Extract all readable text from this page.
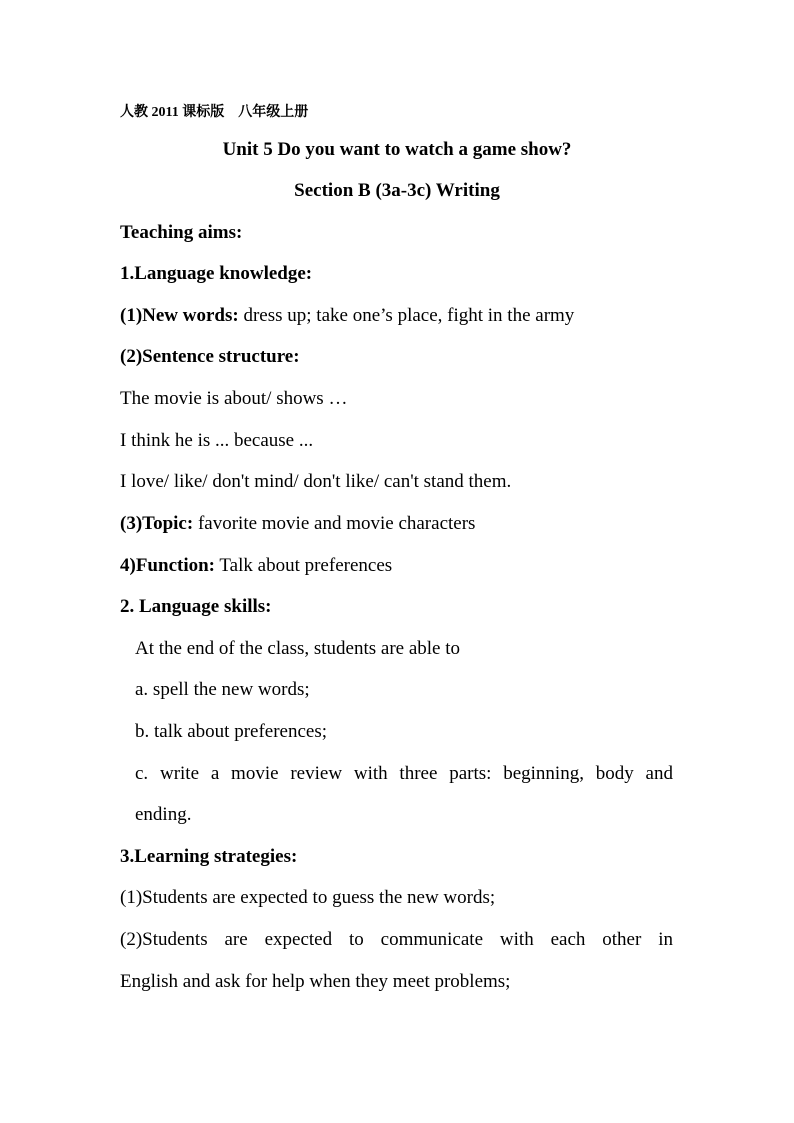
人教 2011 课标版    八年级上册
Unit 5 Do you want to watch a game show?
Section B (3a-3c) Writing
Teaching aims:
1.Language knowledge:
(1)New words: dress up; take one’s place, fight in the army
(2)Sentence structure:
The movie is about/ shows …
I think he is ... because ...
I love/ like/ don't mind/ don't like/ can't stand them.
(3)Topic: favorite movie and movie characters
4)Function: Talk about preferences
2. Language skills:
At the end of the class, students are able to
a. spell the new words;
b. talk about preferences;
c. write a movie review with three parts: beginning, body and
ending.
3.Learning strategies:
(1)Students are expected to guess the new words;
(2)Students are expected to communicate with each other in
English and ask for help when they meet problems;
